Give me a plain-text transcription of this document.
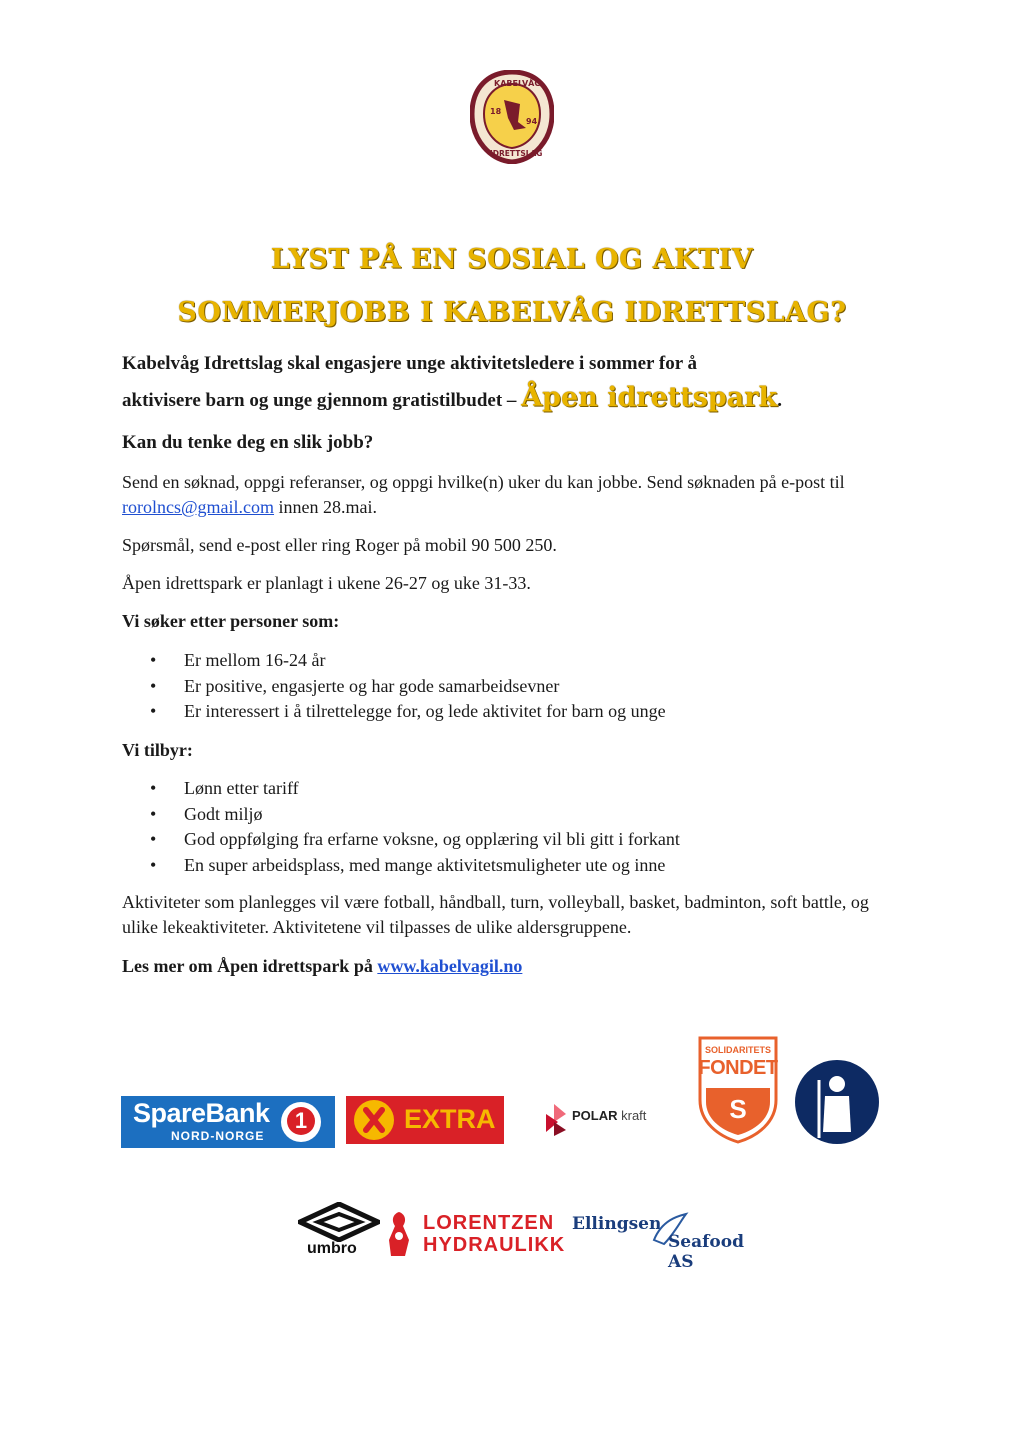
18
94
KABELVÅG
IDRETTSLAG
LYST PÅ EN SOSIAL OG AKTIV
SOMMERJOBB I KABELVÅG IDRETTSLAG?
Kabelvåg Idrettslag skal engasjere unge aktivitetsledere i sommer for å
aktivisere barn og unge gjennom gratistilbudet – Åpen idrettspark.
Kan du tenke deg en slik jobb?
Send en søknad, oppgi referanser, og oppgi hvilke(n) uker du kan jobbe. Send søknaden på e-post til rorolncs@gmail.com innen 28.mai.
Spørsmål, send e-post eller ring Roger på mobil 90 500 250.
Åpen idrettspark er planlagt i ukene 26-27 og uke 31-33.
Vi søker etter personer som:
• Er mellom 16-24 år
• Er positive, engasjerte og har gode samarbeidsevner
• Er interessert i å tilrettelegge for, og lede aktivitet for barn og unge
Vi tilbyr:
• Lønn etter tariff
• Godt miljø
• God oppfølging fra erfarne voksne, og opplæring vil bli gitt i forkant
• En super arbeidsplass, med mange aktivitetsmuligheter ute og inne
Aktiviteter som planlegges vil være fotball, håndball, turn, volleyball, basket, badminton, soft battle, og ulike lekeaktiviteter. Aktivitetene vil tilpasses de ulike aldersgruppene.
Les mer om Åpen idrettspark på www.kabelvagil.no
SpareBank
NORD-NORGE
1	EXTRA	POLAR kraft
SOLIDARITETS
FONDET
S
umbro
LORENTZEN
HYDRAULIKK
Ellingsen
Seafood AS
